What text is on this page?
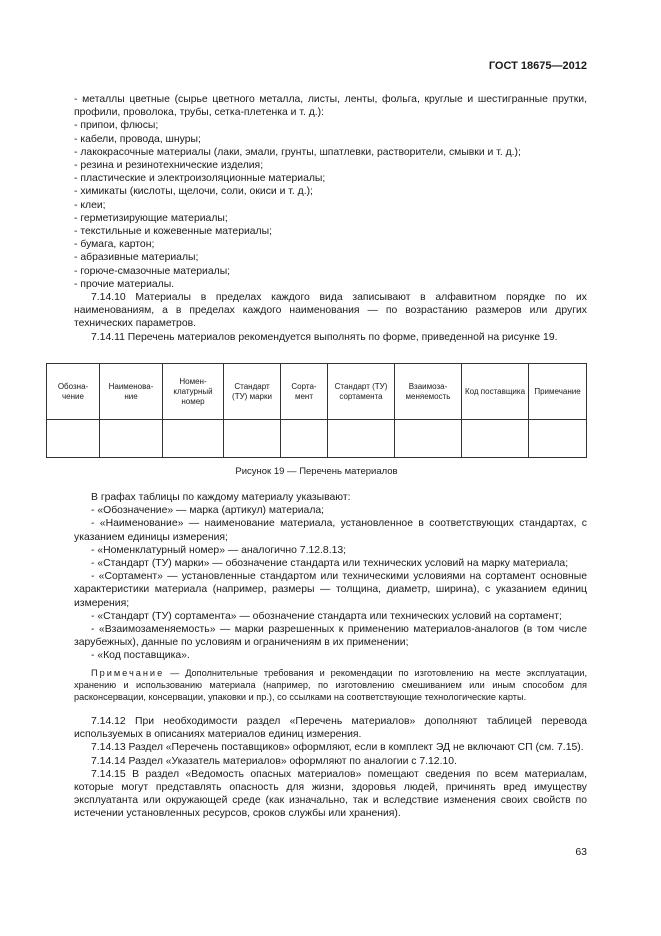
ГОСТ 18675—2012

- металлы цветные (сырье цветного металла, листы, ленты, фольга, круглые и шестигранные прутки, профили, проволока, трубы, сетка-плетенка и т. д.):

- припои, флюсы;

- кабели, провода, шнуры;

- лакокрасочные материалы (лаки, эмали, грунты, шпатлевки, растворители, смывки и т. д.);

- резина и резинотехнические изделия;

- пластические и электроизоляционные материалы;

- химикаты (кислоты, щелочи, соли, окиси и т. д.);

- клеи;

- герметизирующие материалы;

- текстильные и кожевенные материалы;

- бумага, картон;

- абразивные материалы;

- горюче-смазочные материалы;

- прочие материалы.

7.14.10 Материалы в пределах каждого вида записывают в алфавитном порядке по их наименованиям, а в пределах каждого наименования — по возрастанию размеров или других технических параметров.

7.14.11 Перечень материалов рекомендуется выполнять по форме, приведенной на рисунке 19.

Обозна- чение	Наименова- ние	Номен- клатурный номер	Стандарт (ТУ) марки	Сорта- мент	Стандарт (ТУ) сортамента	Взаимоза- меняемость	Код поставщика	Примечание

Рисунок 19 — Перечень материалов

В графах таблицы по каждому материалу указывают:

- «Обозначение» — марка (артикул) материала;

- «Наименование» — наименование материала, установленное в соответствующих стандартах, с указанием единицы измерения;

- «Номенклатурный номер» — аналогично 7.12.8.13;

- «Стандарт (ТУ) марки» — обозначение стандарта или технических условий на марку материала;

- «Сортамент» — установленные стандартом или техническими условиями на сортамент основные характеристики материала (например, размеры — толщина, диаметр, ширина), с указанием единиц измерения;

- «Стандарт (ТУ) сортамента» — обозначение стандарта или технических условий на сортамент;

- «Взаимозаменяемость» — марки разрешенных к применению материалов-аналогов (в том числе зарубежных), данные по условиям и ограничениям в их применении;

- «Код поставщика».

Примечание — Дополнительные требования и рекомендации по изготовлению на месте эксплуатации, хранению и использованию материала (например, по изготовлению смешиванием или иным способом для расконсервации, консервации, упаковки и пр.), со ссылками на соответствующие технологические карты.

7.14.12 При необходимости раздел «Перечень материалов» дополняют таблицей перевода используемых в описаниях материалов единиц измерения.

7.14.13 Раздел «Перечень поставщиков» оформляют, если в комплект ЭД не включают СП (см. 7.15).

7.14.14 Раздел «Указатель материалов» оформляют по аналогии с 7.12.10.

7.14.15 В раздел «Ведомость опасных материалов» помещают сведения по всем материалам, которые могут представлять опасность для жизни, здоровья людей, причинять вред имуществу эксплуатанта или окружающей среде (как изначально, так и вследствие изменения своих свойств по истечении установленных ресурсов, сроков службы или хранения).

63
